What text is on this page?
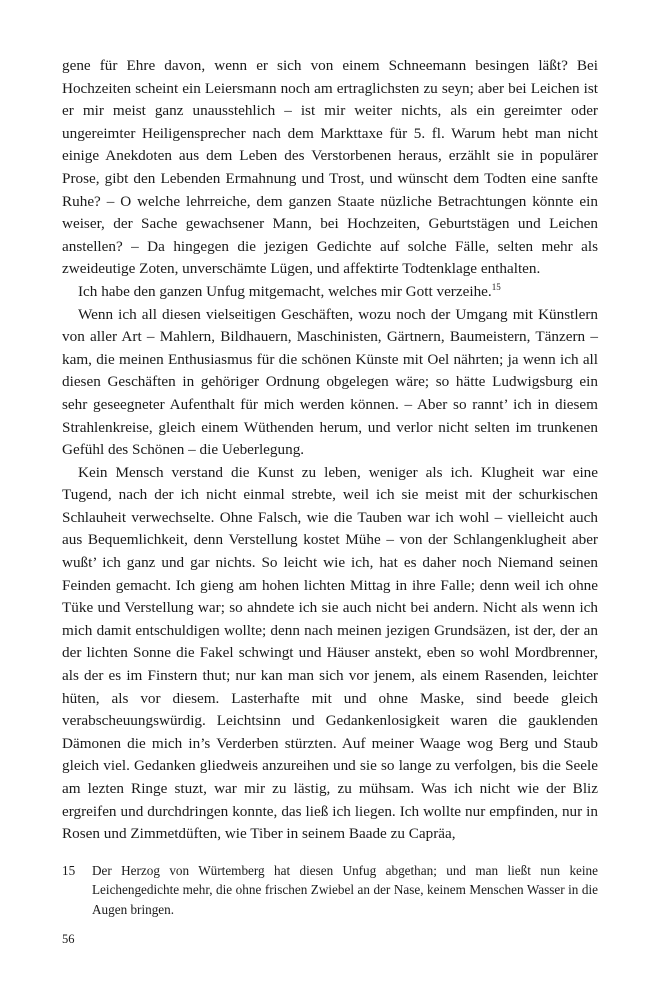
gene für Ehre davon, wenn er sich von einem Schneemann besingen läßt? Bei Hochzeiten scheint ein Leiersmann noch am ertraglichsten zu seyn; aber bei Leichen ist er mir meist ganz unausstehlich – ist mir weiter nichts, als ein gereimter oder ungereimter Heiligensprecher nach dem Markttaxe für 5. fl. Warum hebt man nicht einige Anekdoten aus dem Leben des Verstorbenen heraus, erzählt sie in populärer Prose, gibt den Lebenden Ermahnung und Trost, und wünscht dem Todten eine sanfte Ruhe? – O welche lehrreiche, dem ganzen Staate nüzliche Betrachtungen könnte ein weiser, der Sache gewachsener Mann, bei Hochzeiten, Geburtstägen und Leichen anstellen? – Da hingegen die jezigen Gedichte auf solche Fälle, selten mehr als zweideutige Zoten, unverschämte Lügen, und affektirte Todtenklage enthalten.

Ich habe den ganzen Unfug mitgemacht, welches mir Gott verzeihe.$^{15}$

Wenn ich all diesen vielseitigen Geschäften, wozu noch der Umgang mit Künstlern von aller Art – Mahlern, Bildhauern, Maschinisten, Gärtnern, Baumeistern, Tänzern – kam, die meinen Enthusiasmus für die schönen Künste mit Oel nährten; ja wenn ich all diesen Geschäften in gehöriger Ordnung obgelegen wäre; so hätte Ludwigsburg ein sehr geseegneter Aufenthalt für mich werden können. – Aber so rannt’ ich in diesem Strahlenkreise, gleich einem Wüthenden herum, und verlor nicht selten im trunkenen Gefühl des Schönen – die Ueberlegung.

Kein Mensch verstand die Kunst zu leben, weniger als ich. Klugheit war eine Tugend, nach der ich nicht einmal strebte, weil ich sie meist mit der schurkischen Schlauheit verwechselte. Ohne Falsch, wie die Tauben war ich wohl – vielleicht auch aus Bequemlichkeit, denn Verstellung kostet Mühe – von der Schlangenklugheit aber wußt’ ich ganz und gar nichts. So leicht wie ich, hat es daher noch Niemand seinen Feinden gemacht. Ich gieng am hohen lichten Mittag in ihre Falle; denn weil ich ohne Tüke und Verstellung war; so ahndete ich sie auch nicht bei andern. Nicht als wenn ich mich damit entschuldigen wollte; denn nach meinen jezigen Grundsäzen, ist der, der an der lichten Sonne die Fakel schwingt und Häuser anstekt, eben so wohl Mordbrenner, als der es im Finstern thut; nur kan man sich vor jenem, als einem Rasenden, leichter hüten, als vor diesem. Lasterhafte mit und ohne Maske, sind beede gleich verabscheuungswürdig. Leichtsinn und Gedankenlosigkeit waren die gauklenden Dämonen die mich in’s Verderben stürzten. Auf meiner Waage wog Berg und Staub gleich viel. Gedanken gliedweis anzureihen und sie so lange zu verfolgen, bis die Seele am lezten Ringe stuzt, war mir zu lästig, zu mühsam. Was ich nicht wie der Bliz ergreifen und durchdringen konnte, das ließ ich liegen. Ich wollte nur empfinden, nur in Rosen und Zimmetdüften, wie Tiber in seinem Baade zu Capräa,

15	Der Herzog von Würtemberg hat diesen Unfug abgethan; und man ließt nun keine Leichengedichte mehr, die ohne frischen Zwiebel an der Nase, keinem Menschen Wasser in die Augen bringen.
56
